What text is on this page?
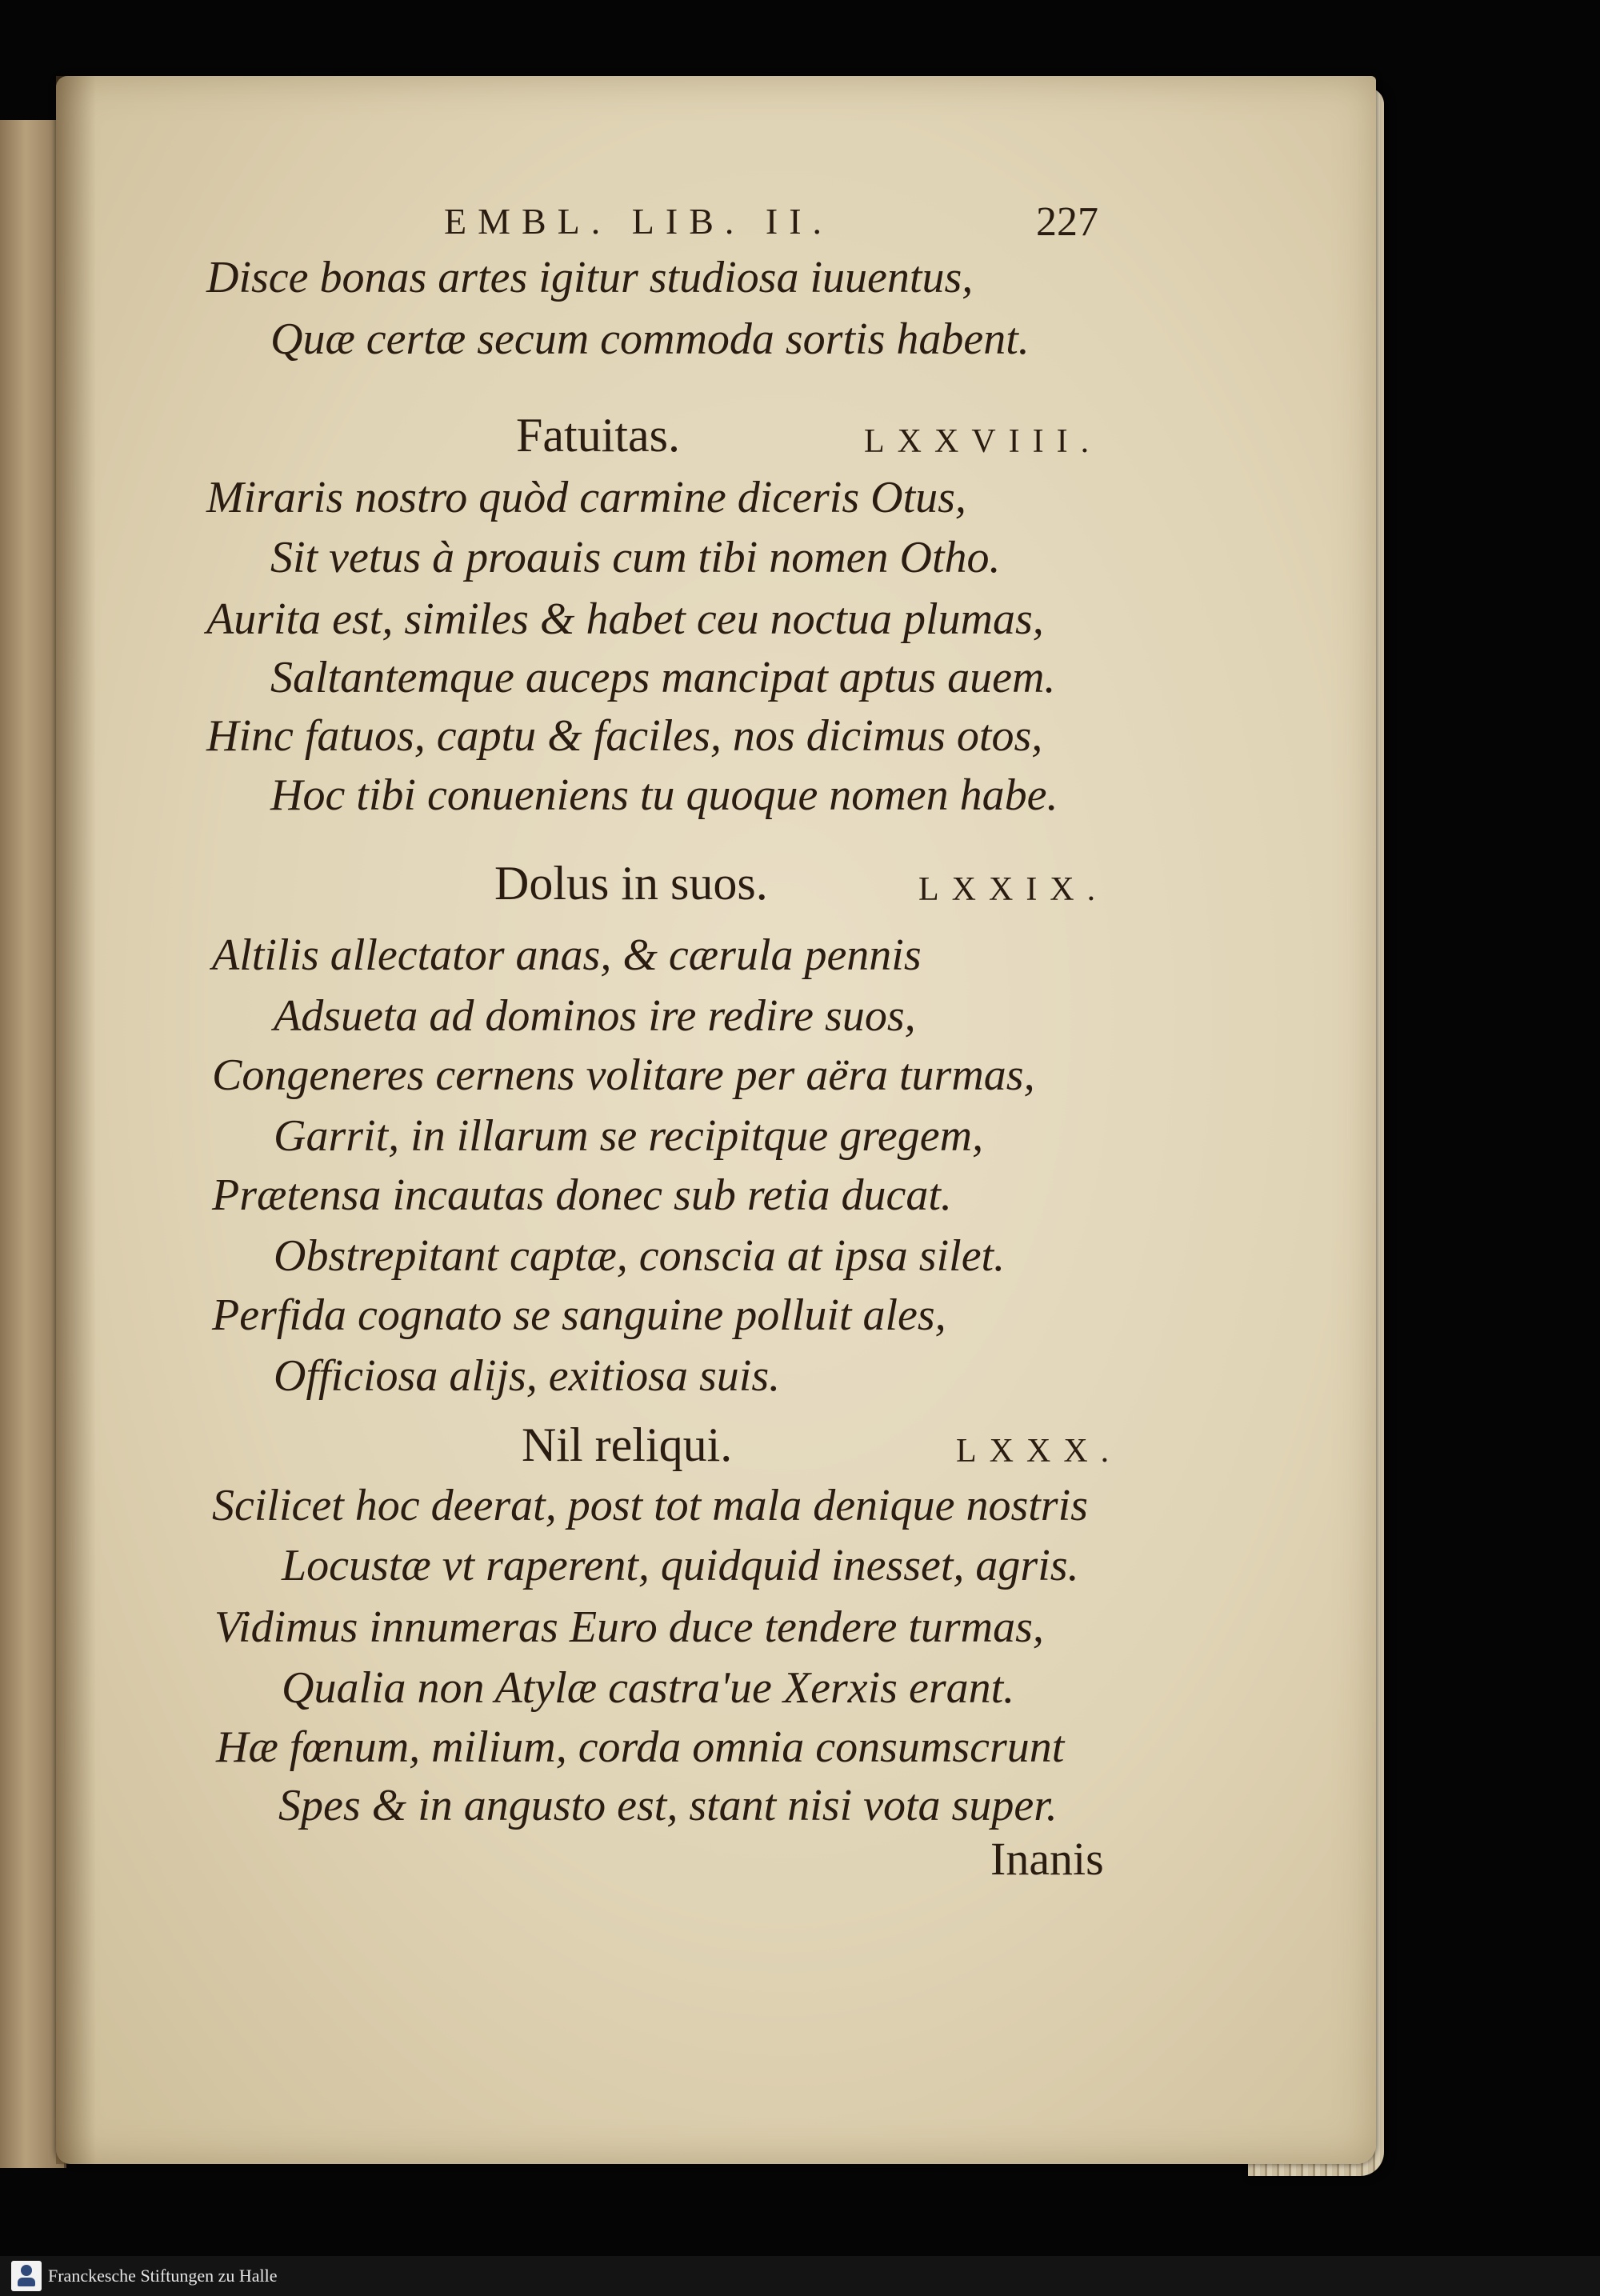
EMBL. LIB. II.	227
Disce bonas artes igitur studiosa iuuentus,
Quæ certæ secum commoda sortis habent.
Fatuitas.	LXXVIII.
Miraris nostro quòd carmine diceris Otus,
Sit vetus à proauis cum tibi nomen Otho.
Aurita est, similes & habet ceu noctua plumas,
Saltantemque auceps mancipat aptus auem.
Hinc fatuos, captu & faciles, nos dicimus otos,
Hoc tibi conueniens tu quoque nomen habe.
Dolus in suos.	LXXIX.
Altilis allectator anas, & cærula pennis
Adsueta ad dominos ire redire suos,
Congeneres cernens volitare per aëra turmas,
Garrit, in illarum se recipitque gregem,
Prætensa incautas donec sub retia ducat.
Obstrepitant captæ, conscia at ipsa silet.
Perfida cognato se sanguine polluit ales,
Officiosa alijs, exitiosa suis.
Nil reliqui.	LXXX.
Scilicet hoc deerat, post tot mala denique nostris
Locustæ vt raperent, quidquid inesset, agris.
Vidimus innumeras Euro duce tendere turmas,
Qualia non Atylæ castra'ue Xerxis erant.
Hæ fœnum, milium, corda omnia consumscrunt
Spes & in angusto est, stant nisi vota super.
Inanis
Franckesche Stiftungen zu Halle
